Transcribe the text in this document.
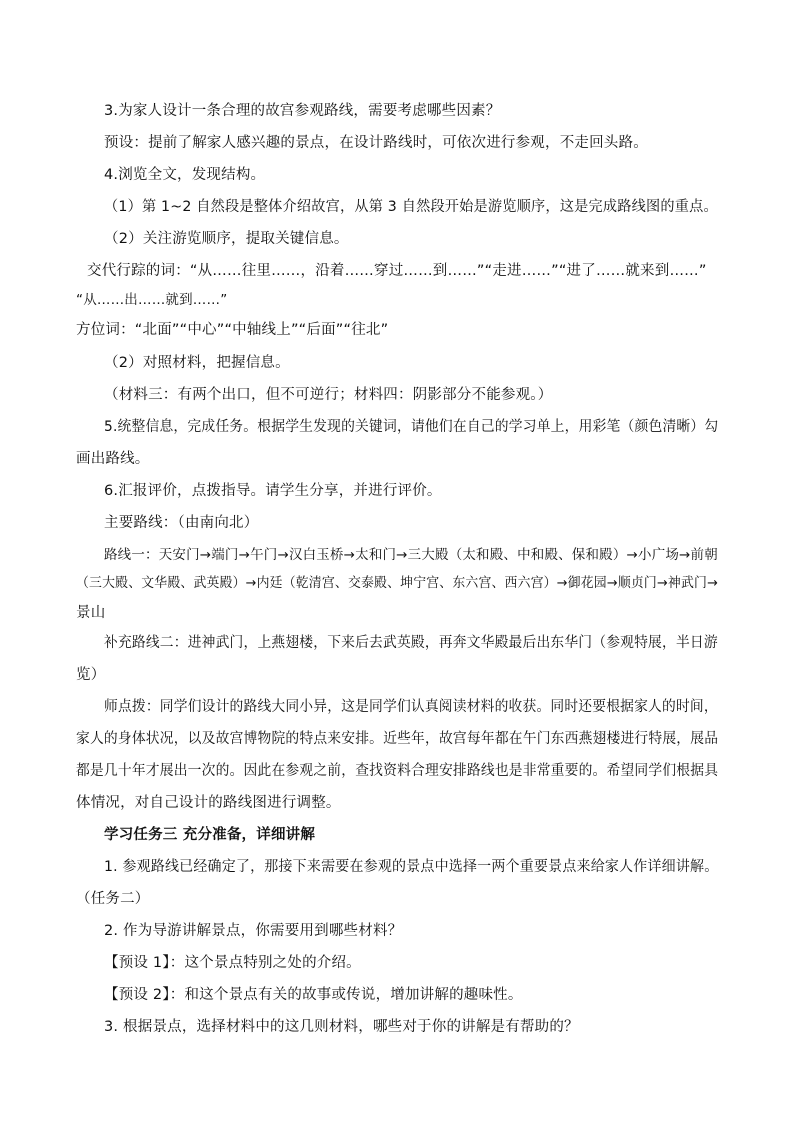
3.为家人设计一条合理的故宫参观路线，需要考虑哪些因素？
预设：提前了解家人感兴趣的景点，在设计路线时，可依次进行参观，不走回头路。
4.浏览全文，发现结构。
（1）第 1~2 自然段是整体介绍故宫，从第 3 自然段开始是游览顺序，这是完成路线图的重点。
（2）关注游览顺序，提取关键信息。
交代行踪的词：“从……往里……，沿着……穿过……到……”“走进……”“进了……就来到……”
“从……出……就到……”
方位词：“北面”“中心”“中轴线上”“后面”“往北”
（2）对照材料，把握信息。
（材料三：有两个出口，但不可逆行；材料四：阴影部分不能参观。）
5.统整信息，完成任务。根据学生发现的关键词，请他们在自己的学习单上，用彩笔（颜色清晰）勾
画出路线。
6.汇报评价，点拨指导。请学生分享，并进行评价。
主要路线：（由南向北）
路线一：天安门→端门→午门→汉白玉桥→太和门→三大殿（太和殿、中和殿、保和殿）→小广场→前朝
（三大殿、文华殿、武英殿）→内廷（乾清宫、交泰殿、坤宁宫、东六宫、西六宫）→御花园→顺贞门→神武门→
景山
补充路线二：进神武门，上燕翅楼，下来后去武英殿，再奔文华殿最后出东华门（参观特展，半日游
览）
师点拨：同学们设计的路线大同小异，这是同学们认真阅读材料的收获。同时还要根据家人的时间，
家人的身体状况，以及故宫博物院的特点来安排。近些年，故宫每年都在午门东西燕翅楼进行特展，展品
都是几十年才展出一次的。因此在参观之前，查找资料合理安排路线也是非常重要的。希望同学们根据具
体情况，对自己设计的路线图进行调整。
学习任务三 充分准备，详细讲解
1. 参观路线已经确定了，那接下来需要在参观的景点中选择一两个重要景点来给家人作详细讲解。
（任务二）
2. 作为导游讲解景点，你需要用到哪些材料？
【预设 1】：这个景点特别之处的介绍。
【预设 2】：和这个景点有关的故事或传说，增加讲解的趣味性。
3. 根据景点，选择材料中的这几则材料，哪些对于你的讲解是有帮助的？
